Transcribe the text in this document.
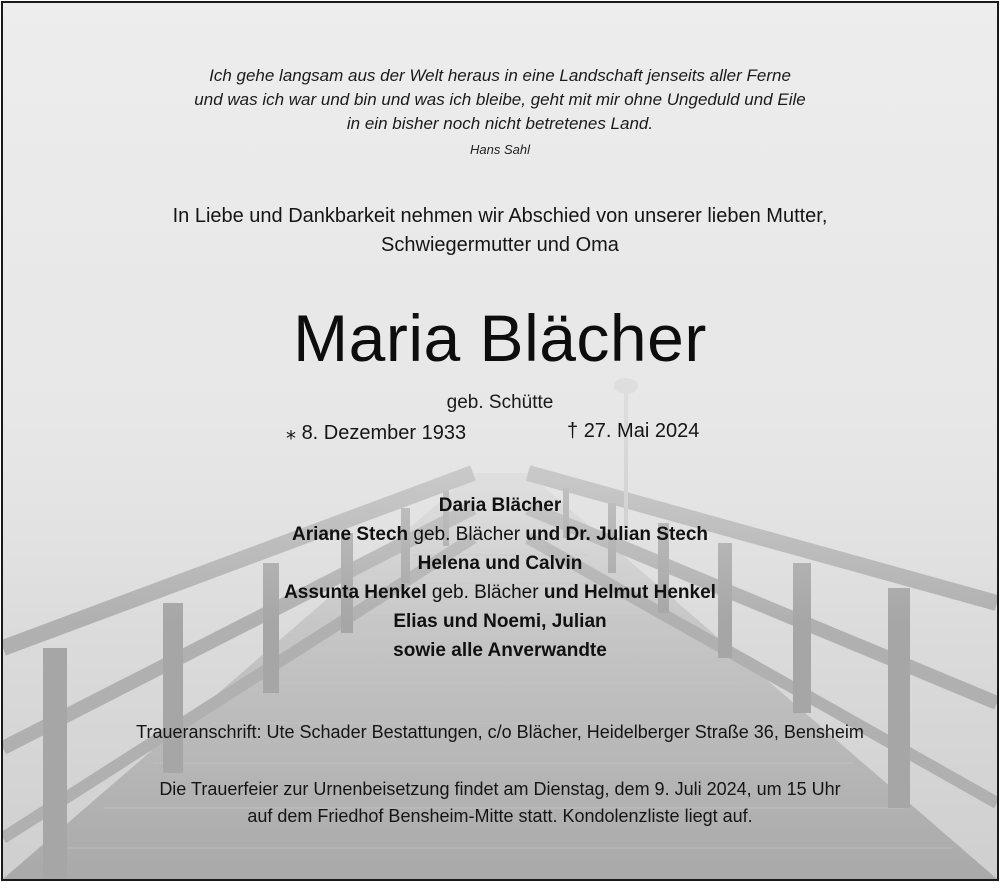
Ich gehe langsam aus der Welt heraus in eine Landschaft jenseits aller Ferne
und was ich war und bin und was ich bleibe, geht mit mir ohne Ungeduld und Eile
in ein bisher noch nicht betretenes Land.
Hans Sahl
In Liebe und Dankbarkeit nehmen wir Abschied von unserer lieben Mutter,
Schwiegermutter und Oma
Maria Blächer
geb. Schütte
⁎ 8. Dezember 1933	† 27. Mai 2024
Daria Blächer
Ariane Stech geb. Blächer und Dr. Julian Stech
Helena und Calvin
Assunta Henkel geb. Blächer und Helmut Henkel
Elias und Noemi, Julian
sowie alle Anverwandte
Traueranschrift: Ute Schader Bestattungen, c/o Blächer, Heidelberger Straße 36, Bensheim
Die Trauerfeier zur Urnenbeisetzung findet am Dienstag, dem 9. Juli 2024, um 15 Uhr
auf dem Friedhof Bensheim-Mitte statt. Kondolenzliste liegt auf.
